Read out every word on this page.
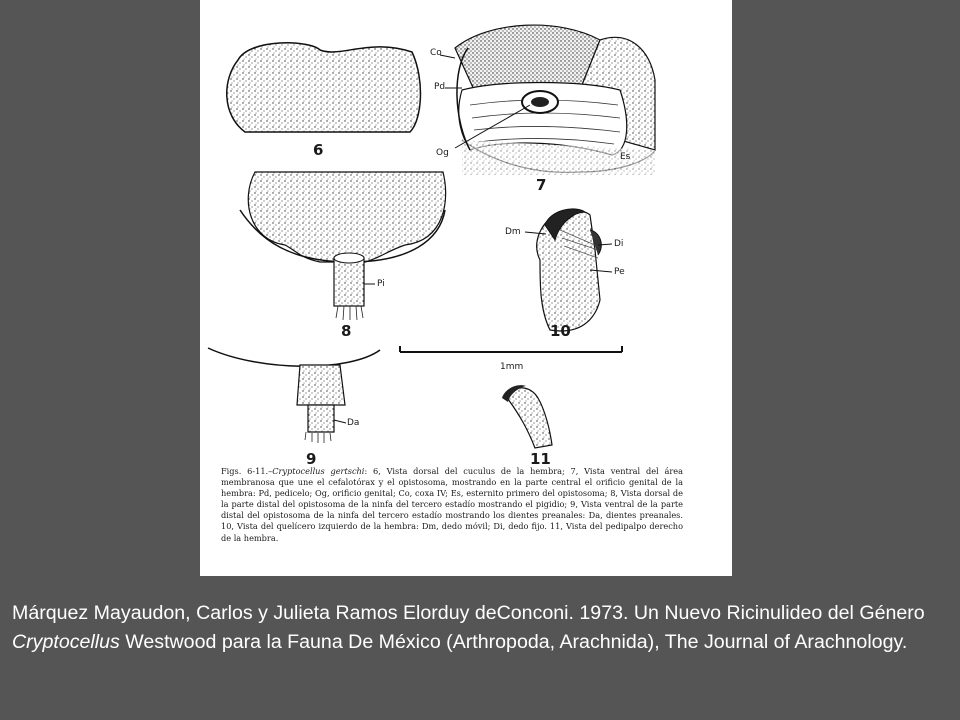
6
7
8
9
10
11
Co
Pd
Og	Es
Pi
Da
Dm
Di
Pe
1mm
Figs. 6-11.–Cryptocellus gertschi: 6, Vista dorsal del cuculus de la hembra; 7, Vista ventral del área membranosa que une el cefalotórax y el opistosoma, mostrando en la parte central el orificio genital de la hembra: Pd, pedicelo; Og, orificio genital; Co, coxa IV; Es, esternito primero del opistosoma; 8, Vista dorsal de la parte distal del opistosoma de la ninfa del tercero estadío mostrando el pigidio; 9, Vista ventral de la parte distal del opistosoma de la ninfa del tercero estadío mostrando los dientes preanales: Da, dientes preanales. 10, Vista del quelícero izquierdo de la hembra: Dm, dedo móvil; Di, dedo fijo. 11, Vista del pedipalpo derecho de la hembra.
Márquez Mayaudon, Carlos y Julieta Ramos Elorduy deConconi. 1973. Un Nuevo Ricinulideo del Género Cryptocellus Westwood para la Fauna De México (Arthropoda, Arachnida), The Journal of Arachnology.
